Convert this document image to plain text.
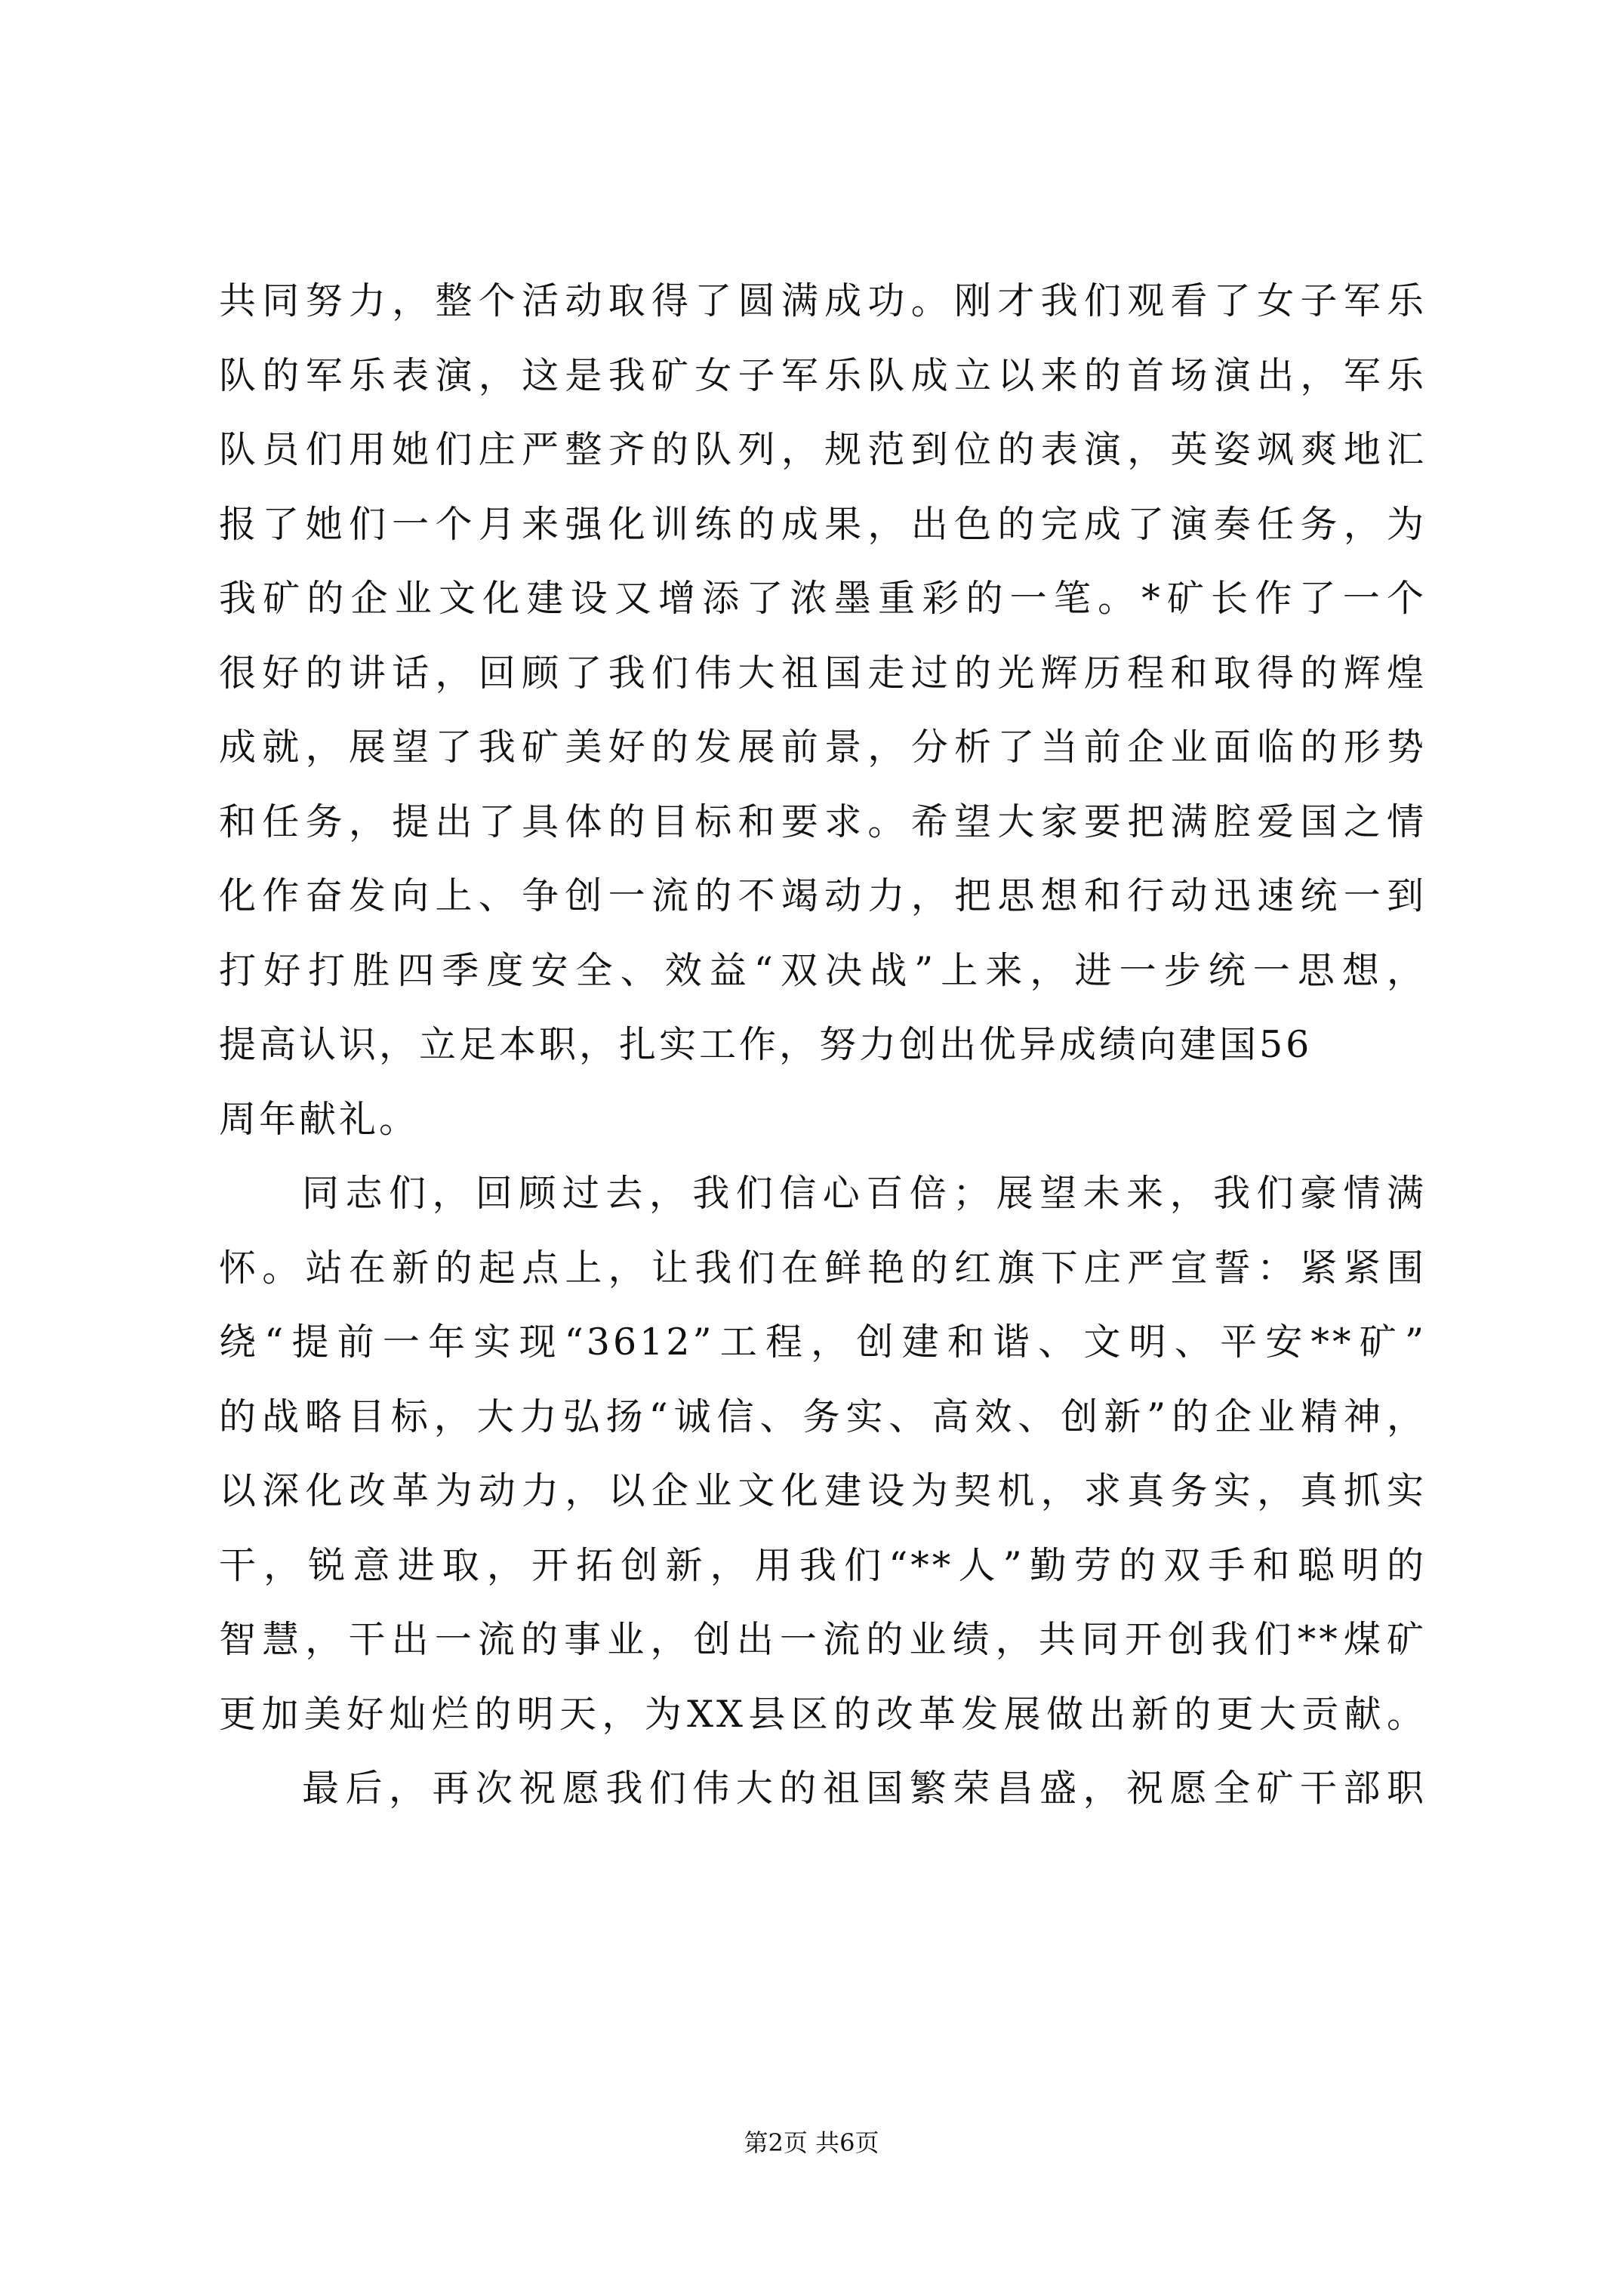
共同努力，整个活动取得了圆满成功。刚才我们观看了女子军乐
队的军乐表演，这是我矿女子军乐队成立以来的首场演出，军乐
队员们用她们庄严整齐的队列，规范到位的表演，英姿飒爽地汇
报了她们一个月来强化训练的成果，出色的完成了演奏任务，为
我矿的企业文化建设又增添了浓墨重彩的一笔。*矿长作了一个
很好的讲话，回顾了我们伟大祖国走过的光辉历程和取得的辉煌
成就，展望了我矿美好的发展前景，分析了当前企业面临的形势
和任务，提出了具体的目标和要求。希望大家要把满腔爱国之情
化作奋发向上、争创一流的不竭动力，把思想和行动迅速统一到
打好打胜四季度安全、效益“双决战”上来，进一步统一思想，
提高认识，立足本职，扎实工作，努力创出优异成绩向建国56
周年献礼。
同志们，回顾过去，我们信心百倍；展望未来，我们豪情满
怀。站在新的起点上，让我们在鲜艳的红旗下庄严宣誓：紧紧围
绕“提前一年实现“3612”工程，创建和谐、文明、平安**矿”
的战略目标，大力弘扬“诚信、务实、高效、创新”的企业精神，
以深化改革为动力，以企业文化建设为契机，求真务实，真抓实
干，锐意进取，开拓创新，用我们“**人”勤劳的双手和聪明的
智慧，干出一流的事业，创出一流的业绩，共同开创我们**煤矿
更加美好灿烂的明天，为XX县区的改革发展做出新的更大贡献。
最后，再次祝愿我们伟大的祖国繁荣昌盛，祝愿全矿干部职
第2页 共6页
